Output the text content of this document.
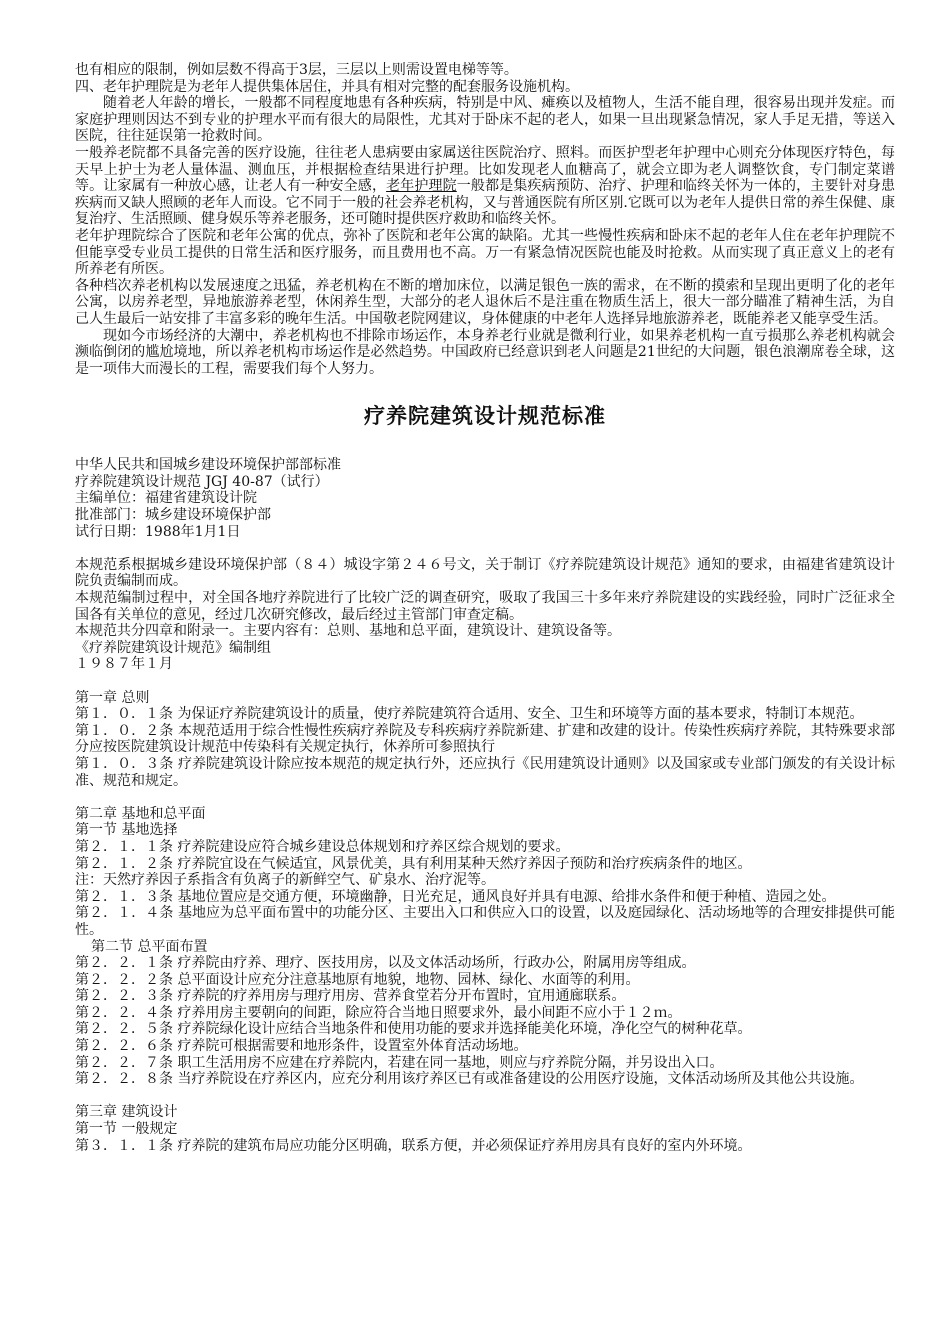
也有相应的限制，例如层数不得高于3层，三层以上则需设置电梯等等。

四、老年护理院是为老年人提供集体居住，并具有相对完整的配套服务设施机构。

随着老人年龄的增长，一般都不同程度地患有各种疾病，特别是中风、瘫痪以及植物人，生活不能自理，很容易出现并发症。而家庭护理则因达不到专业的护理水平而有很大的局限性，尤其对于卧床不起的老人，如果一旦出现紧急情况，家人手足无措，等送入医院，往往延误第一抢救时间。

一般养老院都不具备完善的医疗设施，往往老人患病要由家属送往医院治疗、照料。而医护型老年护理中心则充分体现医疗特色，每天早上护士为老人量体温、测血压，并根据检查结果进行护理。比如发现老人血糖高了，就会立即为老人调整饮食，专门制定菜谱等。让家属有一种放心感，让老人有一种安全感，老年护理院一般都是集疾病预防、治疗、护理和临终关怀为一体的，主要针对身患疾病而又缺人照顾的老年人而设。它不同于一般的社会养老机构，又与普通医院有所区别.它既可以为老年人提供日常的养生保健、康复治疗、生活照顾、健身娱乐等养老服务，还可随时提供医疗救助和临终关怀。

老年护理院综合了医院和老年公寓的优点，弥补了医院和老年公寓的缺陷。尤其一些慢性疾病和卧床不起的老年人住在老年护理院不但能享受专业员工提供的日常生活和医疗服务，而且费用也不高。万一有紧急情况医院也能及时抢救。从而实现了真正意义上的老有所养老有所医。

各种档次养老机构以发展速度之迅猛，养老机构在不断的增加床位，以满足银色一族的需求，在不断的摸索和呈现出更明了化的老年公寓，以房养老型，异地旅游养老型，休闲养生型，大部分的老人退休后不是注重在物质生活上，很大一部分瞄准了精神生活，为自己人生最后一站安排了丰富多彩的晚年生活。中国敬老院网建议，身体健康的中老年人选择异地旅游养老，既能养老又能享受生活。

现如今市场经济的大潮中，养老机构也不排除市场运作，本身养老行业就是微利行业，如果养老机构一直亏损那么养老机构就会濒临倒闭的尴尬境地，所以养老机构市场运作是必然趋势。中国政府已经意识到老人问题是21世纪的大问题，银色浪潮席卷全球，这是一项伟大而漫长的工程，需要我们每个人努力。

疗养院建筑设计规范标准

中华人民共和国城乡建设环境保护部部标准

疗养院建筑设计规范 JGJ 40-87（试行）

主编单位：福建省建筑设计院

批准部门：城乡建设环境保护部

试行日期：1988年1月1日

本规范系根据城乡建设环境保护部（８４）城设字第２４６号文，关于制订《疗养院建筑设计规范》通知的要求，由福建省建筑设计院负责编制而成。

本规范编制过程中，对全国各地疗养院进行了比较广泛的调查研究，吸取了我国三十多年来疗养院建设的实践经验，同时广泛征求全国各有关单位的意见，经过几次研究修改，最后经过主管部门审查定稿。

本规范共分四章和附录一。主要内容有：总则、基地和总平面，建筑设计、建筑设备等。

《疗养院建筑设计规范》编制组

１９８７年１月

第一章 总则

第１．０．１条 为保证疗养院建筑设计的质量，使疗养院建筑符合适用、安全、卫生和环境等方面的基本要求，特制订本规范。

第１．０．２条 本规范适用于综合性慢性疾病疗养院及专科疾病疗养院新建、扩建和改建的设计。传染性疾病疗养院，其特殊要求部分应按医院建筑设计规范中传染科有关规定执行，休养所可参照执行

第１．０．３条 疗养院建筑设计除应按本规范的规定执行外，还应执行《民用建筑设计通则》以及国家或专业部门颁发的有关设计标准、规范和规定。

第二章 基地和总平面

第一节 基地选择

第２．１．１条 疗养院建设应符合城乡建设总体规划和疗养区综合规划的要求。

第２．１．２条 疗养院宜设在气候适宜，风景优美，具有利用某种天然疗养因子预防和治疗疾病条件的地区。

注：天然疗养因子系指含有负离子的新鲜空气、矿泉水、治疗泥等。

第２．１．３条 基地位置应是交通方便，环境幽静，日光充足，通风良好并具有电源、给排水条件和便于种植、造园之处。

第２．１．４条 基地应为总平面布置中的功能分区、主要出入口和供应入口的设置，以及庭园绿化、活动场地等的合理安排提供可能性。

第二节 总平面布置

第２．２．１条 疗养院由疗养、理疗、医技用房，以及文体活动场所，行政办公，附属用房等组成。

第２．２．２条 总平面设计应充分注意基地原有地貌，地物、园林、绿化、水面等的利用。

第２．２．３条 疗养院的疗养用房与理疗用房、营养食堂若分开布置时，宜用通廊联系。

第２．２．４条 疗养用房主要朝向的间距，除应符合当地日照要求外，最小间距不应小于１２ｍ。

第２．２．５条 疗养院绿化设计应结合当地条件和使用功能的要求并选择能美化环境，净化空气的树种花草。

第２．２．６条 疗养院可根据需要和地形条件，设置室外体育活动场地。

第２．２．７条 职工生活用房不应建在疗养院内，若建在同一基地，则应与疗养院分隔，并另设出入口。

第２．２．８条 当疗养院设在疗养区内，应充分利用该疗养区已有或准备建设的公用医疗设施，文体活动场所及其他公共设施。

第三章 建筑设计

第一节 一般规定

第３．１．１条 疗养院的建筑布局应功能分区明确，联系方便，并必须保证疗养用房具有良好的室内外环境。
